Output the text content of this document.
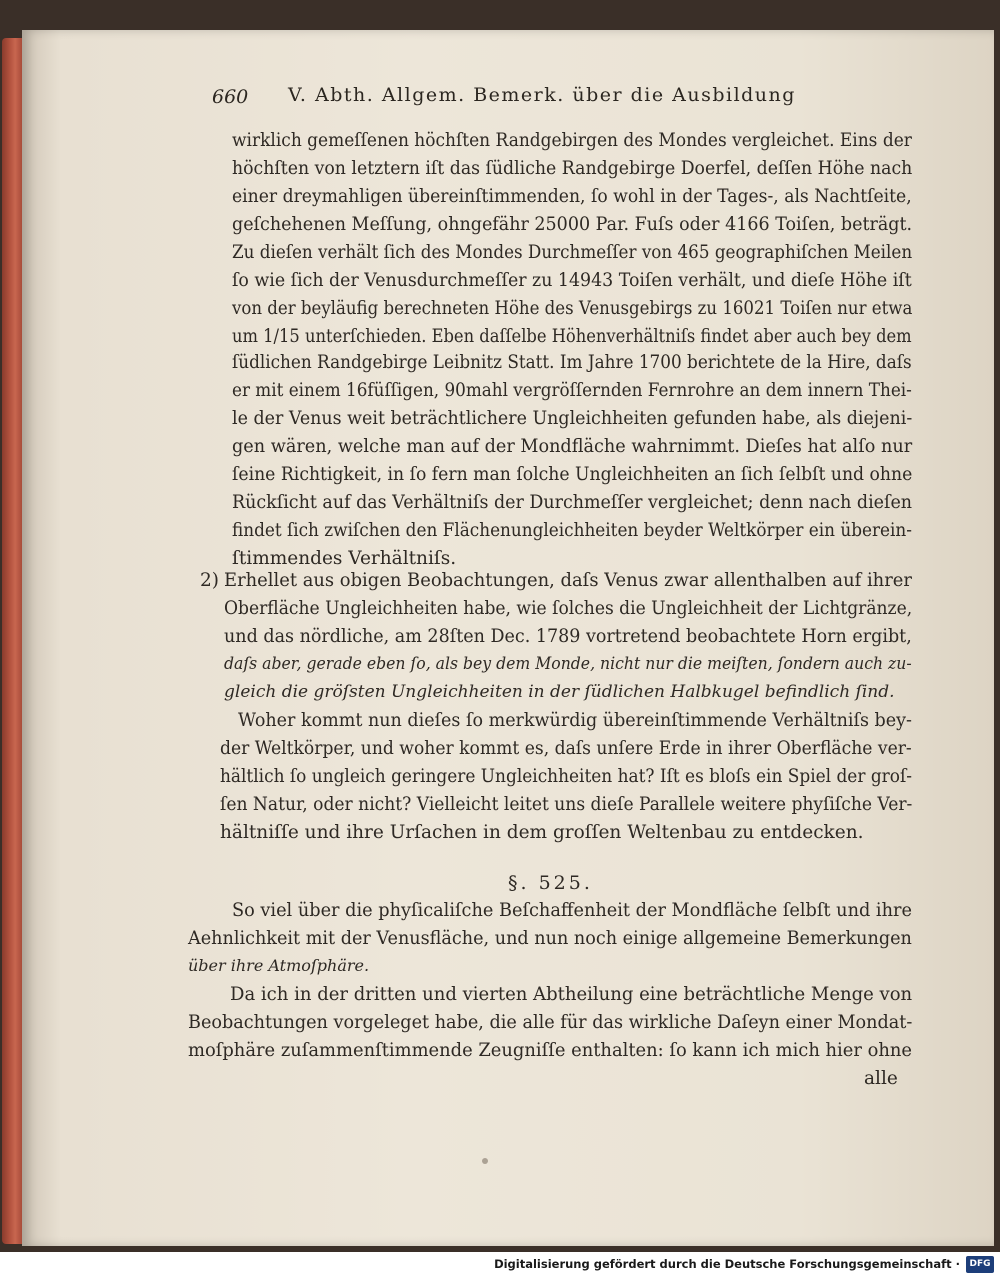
660 V. Abth. Allgem. Bemerk. über die Ausbildung
wirklich gemeſſenen höchſten Randgebirgen des Mondes vergleichet. Eins der
höchſten von letztern iſt das ſüdliche Randgebirge Doerfel, deſſen Höhe nach
einer dreymahligen übereinſtimmenden, ſo wohl in der Tages-, als Nachtſeite,
geſchehenen Meſſung, ohngefähr 25000 Par. Fuſs oder 4166 Toiſen, beträgt.
Zu dieſen verhält ſich des Mondes Durchmeſſer von 465 geographiſchen Meilen
ſo wie ſich der Venusdurchmeſſer zu 14943 Toiſen verhält, und dieſe Höhe iſt
von der beyläufig berechneten Höhe des Venusgebirgs zu 16021 Toiſen nur etwa
um 1/15 unterſchieden. Eben daſſelbe Höhenverhältniſs findet aber auch bey dem
ſüdlichen Randgebirge Leibnitz Statt. Im Jahre 1700 berichtete de la Hire, daſs
er mit einem 16füſſigen, 90mahl vergröſſernden Fernrohre an dem innern Thei-
le der Venus weit beträchtlichere Ungleichheiten gefunden habe, als diejeni-
gen wären, welche man auf der Mondfläche wahrnimmt. Dieſes hat alſo nur
ſeine Richtigkeit, in ſo fern man ſolche Ungleichheiten an ſich ſelbſt und ohne
Rückſicht auf das Verhältniſs der Durchmeſſer vergleichet; denn nach dieſen
findet ſich zwiſchen den Flächenungleichheiten beyder Weltkörper ein überein-
ſtimmendes Verhältniſs.
2) Erhellet aus obigen Beobachtungen, daſs Venus zwar allenthalben auf ihrer
Oberfläche Ungleichheiten habe, wie ſolches die Ungleichheit der Lichtgränze,
und das nördliche, am 28ſten Dec. 1789 vortretend beobachtete Horn ergibt,
daſs aber, gerade eben ſo, als bey dem Monde, nicht nur die meiſten, ſondern auch zu-
gleich die gröſsten Ungleichheiten in der ſüdlichen Halbkugel befindlich ſind.
Woher kommt nun dieſes ſo merkwürdig übereinſtimmende Verhältniſs bey-
der Weltkörper, und woher kommt es, daſs unſere Erde in ihrer Oberfläche ver-
hältlich ſo ungleich geringere Ungleichheiten hat? Iſt es bloſs ein Spiel der groſ-
ſen Natur, oder nicht? Vielleicht leitet uns dieſe Parallele weitere phyſiſche Ver-
hältniſſe und ihre Urſachen in dem groſſen Weltenbau zu entdecken.
§. 525.
So viel über die phyſicaliſche Beſchaffenheit der Mondfläche ſelbſt und ihre
Aehnlichkeit mit der Venusfläche, und nun noch einige allgemeine Bemerkungen
über ihre Atmoſphäre.
Da ich in der dritten und vierten Abtheilung eine beträchtliche Menge von
Beobachtungen vorgeleget habe, die alle für das wirkliche Daſeyn einer Mondat-
moſphäre zuſammenſtimmende Zeugniſſe enthalten: ſo kann ich mich hier ohne
alle
Digitalisierung gefördert durch die Deutsche Forschungsgemeinschaft ·	DFG
